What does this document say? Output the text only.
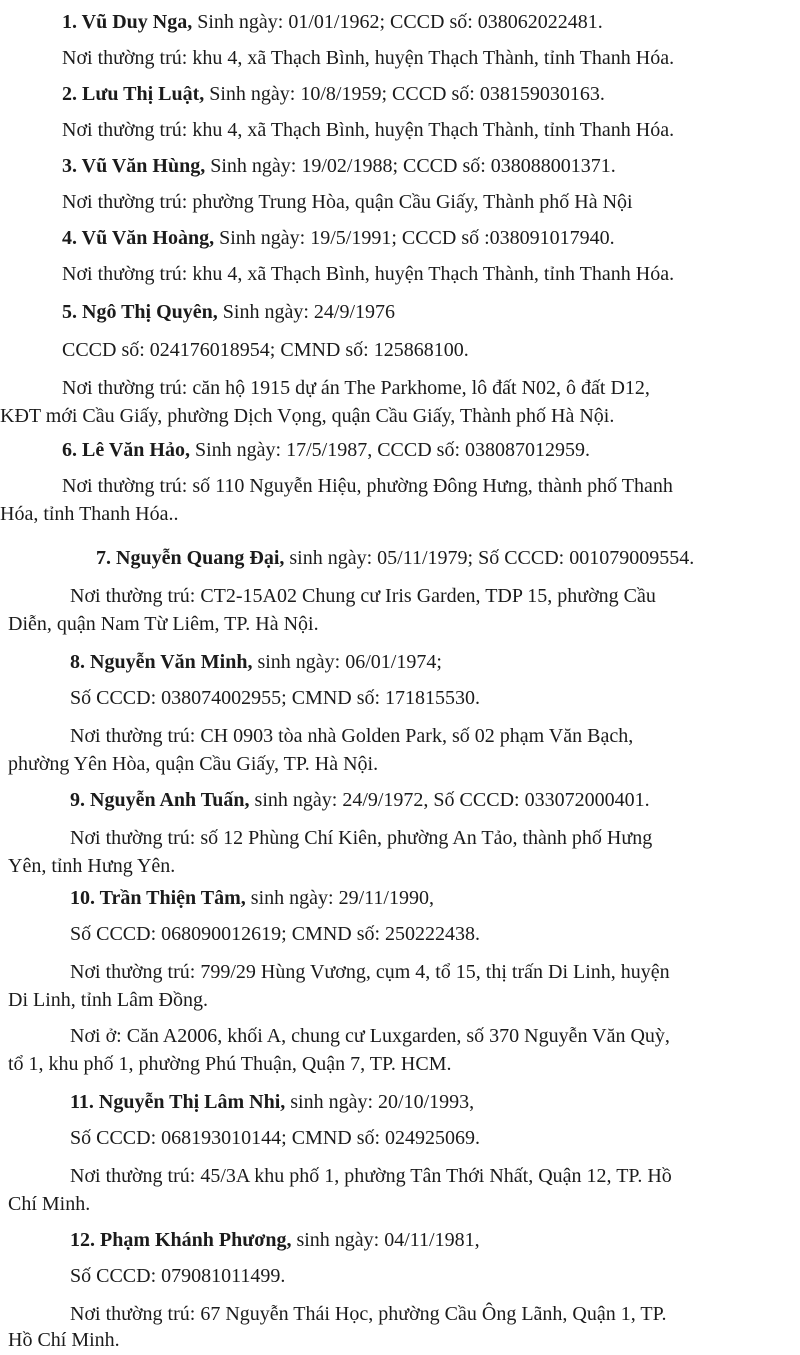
1. Vũ Duy Nga, Sinh ngày: 01/01/1962; CCCD số: 038062022481.
Nơi thường trú: khu 4, xã Thạch Bình, huyện Thạch Thành, tỉnh Thanh Hóa.
2. Lưu Thị Luật, Sinh ngày: 10/8/1959; CCCD số: 038159030163.
Nơi thường trú: khu 4, xã Thạch Bình, huyện Thạch Thành, tỉnh Thanh Hóa.
3. Vũ Văn Hùng, Sinh ngày: 19/02/1988; CCCD số: 038088001371.
Nơi thường trú: phường Trung Hòa, quận Cầu Giấy, Thành phố Hà Nội
4. Vũ Văn Hoàng, Sinh ngày: 19/5/1991; CCCD số :038091017940.
Nơi thường trú: khu 4, xã Thạch Bình, huyện Thạch Thành, tỉnh Thanh Hóa.
5. Ngô Thị Quyên, Sinh ngày: 24/9/1976
CCCD số: 024176018954; CMND số: 125868100.
Nơi thường trú: căn hộ 1915 dự án The Parkhome, lô đất N02, ô đất D12,
KĐT mới Cầu Giấy, phường Dịch Vọng, quận Cầu Giấy, Thành phố Hà Nội.
6. Lê Văn Hảo, Sinh ngày: 17/5/1987, CCCD số: 038087012959.
Nơi thường trú: số 110 Nguyễn Hiệu, phường Đông Hưng, thành phố Thanh
Hóa, tỉnh Thanh Hóa..
7. Nguyễn Quang Đại, sinh ngày: 05/11/1979; Số CCCD: 001079009554.
Nơi thường trú: CT2-15A02 Chung cư Iris Garden, TDP 15, phường Cầu
Diễn, quận Nam Từ Liêm, TP. Hà Nội.
8. Nguyễn Văn Minh, sinh ngày: 06/01/1974;
Số CCCD: 038074002955; CMND số: 171815530.
Nơi thường trú: CH 0903 tòa nhà Golden Park, số 02 phạm Văn Bạch,
phường Yên Hòa, quận Cầu Giấy, TP. Hà Nội.
9. Nguyễn Anh Tuấn, sinh ngày: 24/9/1972, Số CCCD: 033072000401.
Nơi thường trú: số 12 Phùng Chí Kiên, phường An Tảo, thành phố Hưng
Yên, tỉnh Hưng Yên.
10. Trần Thiện Tâm, sinh ngày: 29/11/1990,
Số CCCD: 068090012619; CMND số: 250222438.
Nơi thường trú: 799/29 Hùng Vương, cụm 4, tổ 15, thị trấn Di Linh, huyện
Di Linh, tỉnh Lâm Đồng.
Nơi ở: Căn A2006, khối A, chung cư Luxgarden, số 370 Nguyễn Văn Quỳ,
tổ 1, khu phố 1, phường Phú Thuận, Quận 7, TP. HCM.
11. Nguyễn Thị Lâm Nhi, sinh ngày: 20/10/1993,
Số CCCD: 068193010144; CMND số: 024925069.
Nơi thường trú: 45/3A khu phố 1, phường Tân Thới Nhất, Quận 12, TP. Hồ
Chí Minh.
12. Phạm Khánh Phương, sinh ngày: 04/11/1981,
Số CCCD: 079081011499.
Nơi thường trú: 67 Nguyễn Thái Học, phường Cầu Ông Lãnh, Quận 1, TP.
Hồ Chí Minh.
